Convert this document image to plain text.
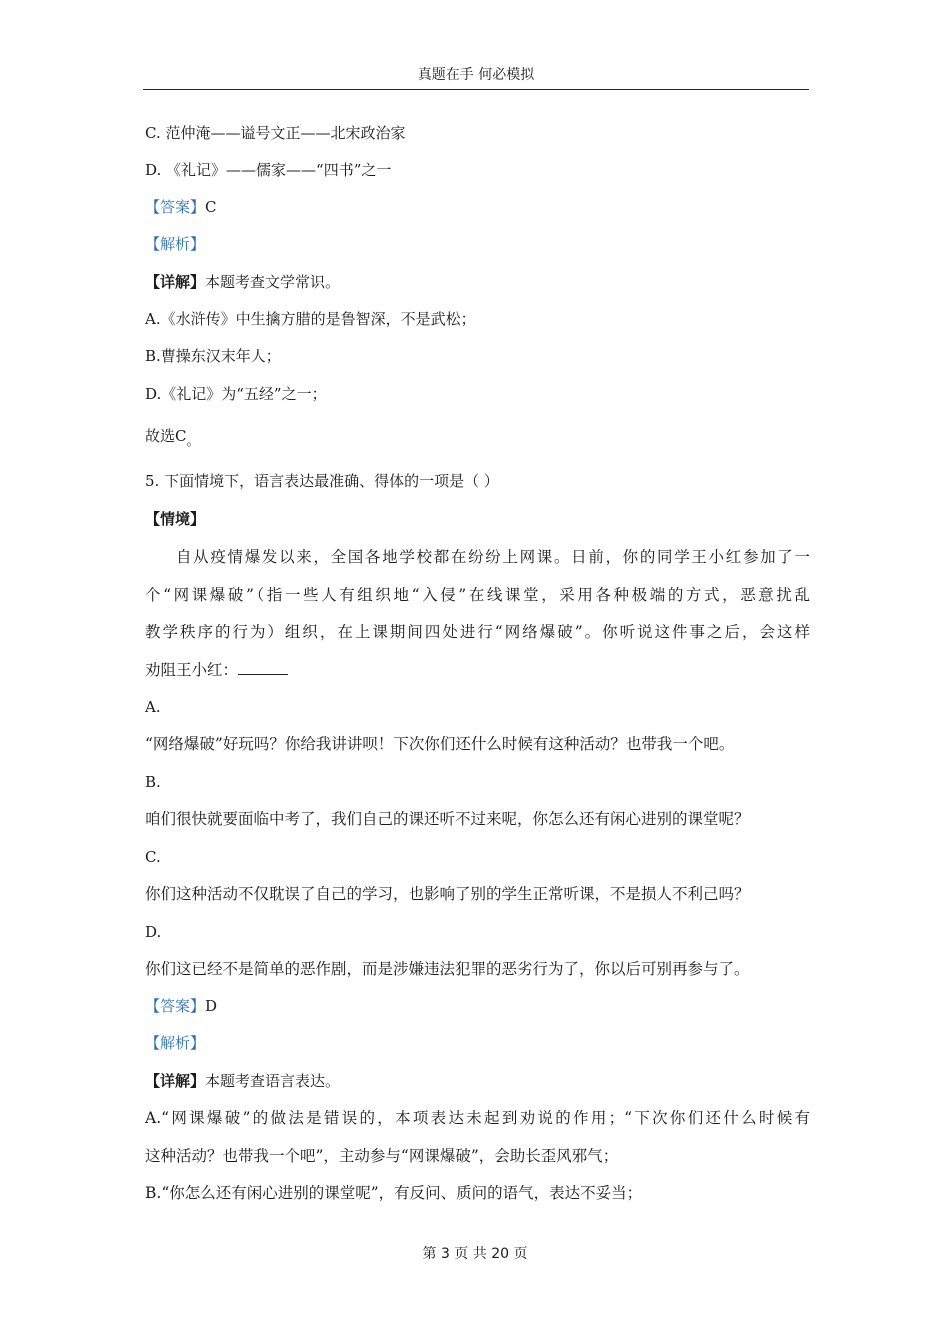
真题在手 何必模拟
C. 范仲淹——谥号文正——北宋政治家
D. 《礼记》——儒家——“四书”之一
【答案】C
【解析】
【详解】本题考查文学常识。
A.《水浒传》中生擒方腊的是鲁智深，不是武松；
B.曹操东汉末年人；
D.《礼记》为“五经”之一；
故选C。
5. 下面情境下，语言表达最准确、得体的一项是（ ）
【情境】
自从疫情爆发以来，全国各地学校都在纷纷上网课。日前，你的同学王小红参加了一
个“网课爆破”（指一些人有组织地“入侵”在线课堂，采用各种极端的方式，恶意扰乱
教学秩序的行为）组织，在上课期间四处进行“网络爆破”。你听说这件事之后，会这样
劝阻王小红：
A.
“网络爆破”好玩吗？你给我讲讲呗！下次你们还什么时候有这种活动？也带我一个吧。
B.
咱们很快就要面临中考了，我们自己的课还听不过来呢，你怎么还有闲心进别的课堂呢？
C.
你们这种活动不仅耽误了自己的学习，也影响了别的学生正常听课，不是损人不利己吗？
D.
你们这已经不是简单的恶作剧，而是涉嫌违法犯罪的恶劣行为了，你以后可别再参与了。
【答案】D
【解析】
【详解】本题考查语言表达。
A.“网课爆破”的做法是错误的，本项表达未起到劝说的作用；“下次你们还什么时候有
这种活动？也带我一个吧”，主动参与“网课爆破”，会助长歪风邪气；
B.“你怎么还有闲心进别的课堂呢”，有反问、质问的语气，表达不妥当；
第 3 页 共 20 页
